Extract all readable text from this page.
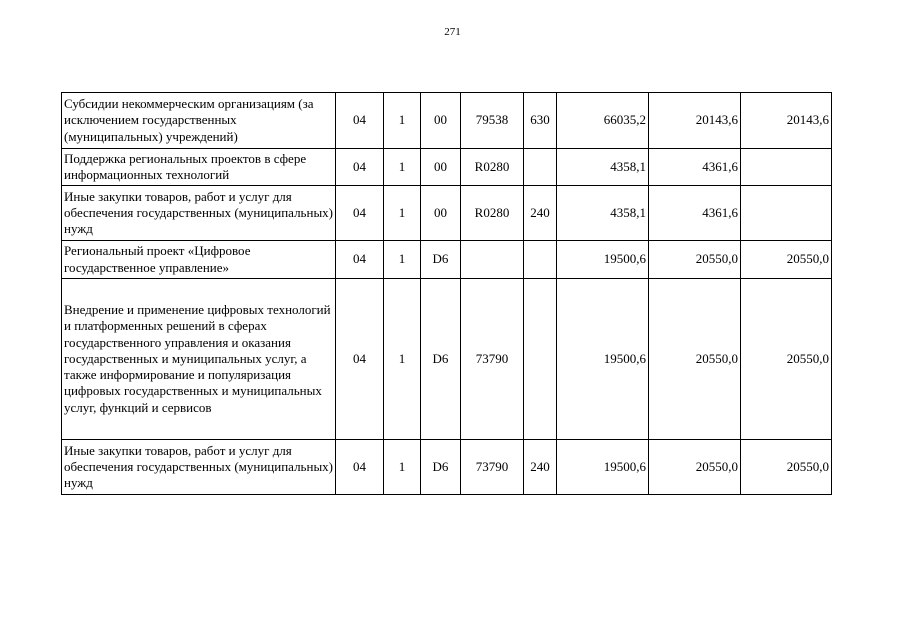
271
Субсидии некоммерческим организациям (за исключением государственных (муниципальных) учреждений)	04	1	00	79538	630	66035,2	20143,6	20143,6
Поддержка региональных проектов в сфере информационных технологий	04	1	00	R0280		4358,1	4361,6	
Иные закупки товаров, работ и услуг для обеспечения государственных (муниципальных) нужд	04	1	00	R0280	240	4358,1	4361,6	
Региональный проект «Цифровое государственное управление»	04	1	D6			19500,6	20550,0	20550,0
Внедрение и применение цифровых технологий и платформенных решений в сферах государственного управления и оказания государственных и муниципальных услуг, а также информирование и популяризация цифровых государственных и муниципальных услуг, функций и сервисов	04	1	D6	73790		19500,6	20550,0	20550,0
Иные закупки товаров, работ и услуг для обеспечения государственных (муниципальных) нужд	04	1	D6	73790	240	19500,6	20550,0	20550,0
